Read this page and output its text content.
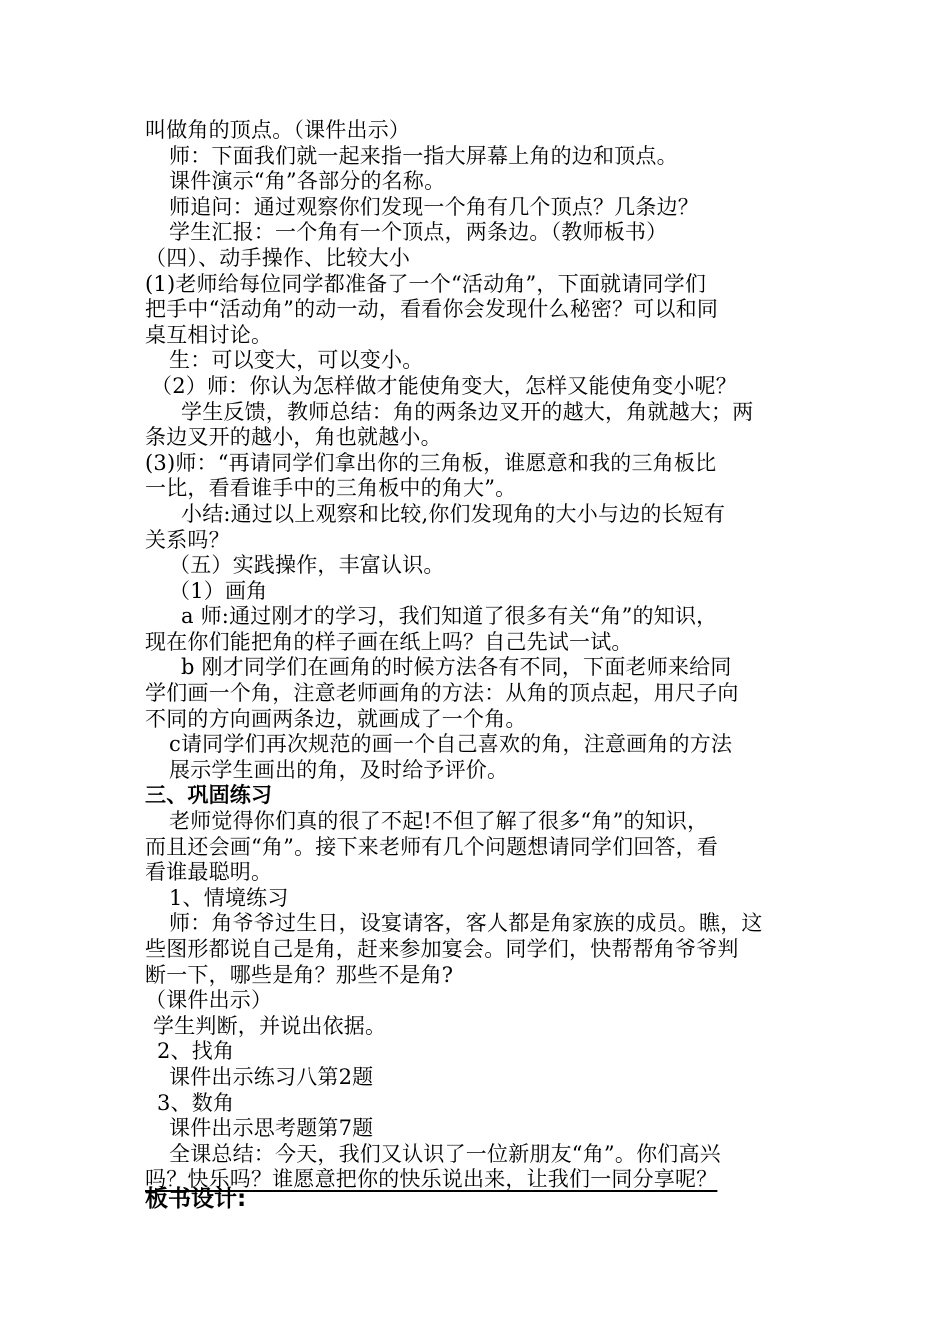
叫做角的顶点。（课件出示）
师：下面我们就一起来指一指大屏幕上角的边和顶点。
课件演示“角”各部分的名称。
师追问：通过观察你们发现一个角有几个顶点？几条边？
学生汇报：一个角有一个顶点，两条边。（教师板书）
（四）、动手操作、比较大小
(1)老师给每位同学都准备了一个“活动角”，下面就请同学们
把手中“活动角”的动一动，看看你会发现什么秘密？可以和同
桌互相讨论。
生：可以变大，可以变小。
（2）师：你认为怎样做才能使角变大，怎样又能使角变小呢？
学生反馈，教师总结：角的两条边叉开的越大，角就越大；两
条边叉开的越小，角也就越小。
(3)师：“再请同学们拿出你的三角板，谁愿意和我的三角板比
一比，看看谁手中的三角板中的角大”。
小结:通过以上观察和比较,你们发现角的大小与边的长短有
关系吗？
（五）实践操作，丰富认识。
（1）画角
a 师:通过刚才的学习，我们知道了很多有关“角”的知识，
现在你们能把角的样子画在纸上吗？自己先试一试。
b 刚才同学们在画角的时候方法各有不同，下面老师来给同
学们画一个角，注意老师画角的方法：从角的顶点起，用尺子向
不同的方向画两条边，就画成了一个角。
c请同学们再次规范的画一个自己喜欢的角，注意画角的方法
展示学生画出的角，及时给予评价。
三、巩固练习
老师觉得你们真的很了不起!不但了解了很多“角”的知识，
而且还会画“角”。接下来老师有几个问题想请同学们回答，看
看谁最聪明。
1、情境练习
师：角爷爷过生日，设宴请客，客人都是角家族的成员。瞧，这
些图形都说自己是角，赶来参加宴会。同学们，快帮帮角爷爷判
断一下，哪些是角？那些不是角?
（课件出示）
学生判断，并说出依据。
2、找角
课件出示练习八第2题
3、数角
课件出示思考题第7题
全课总结：今天，我们又认识了一位新朋友“角”。你们高兴
吗？快乐吗？谁愿意把你的快乐说出来，让我们一同分享呢？
板书设计:
